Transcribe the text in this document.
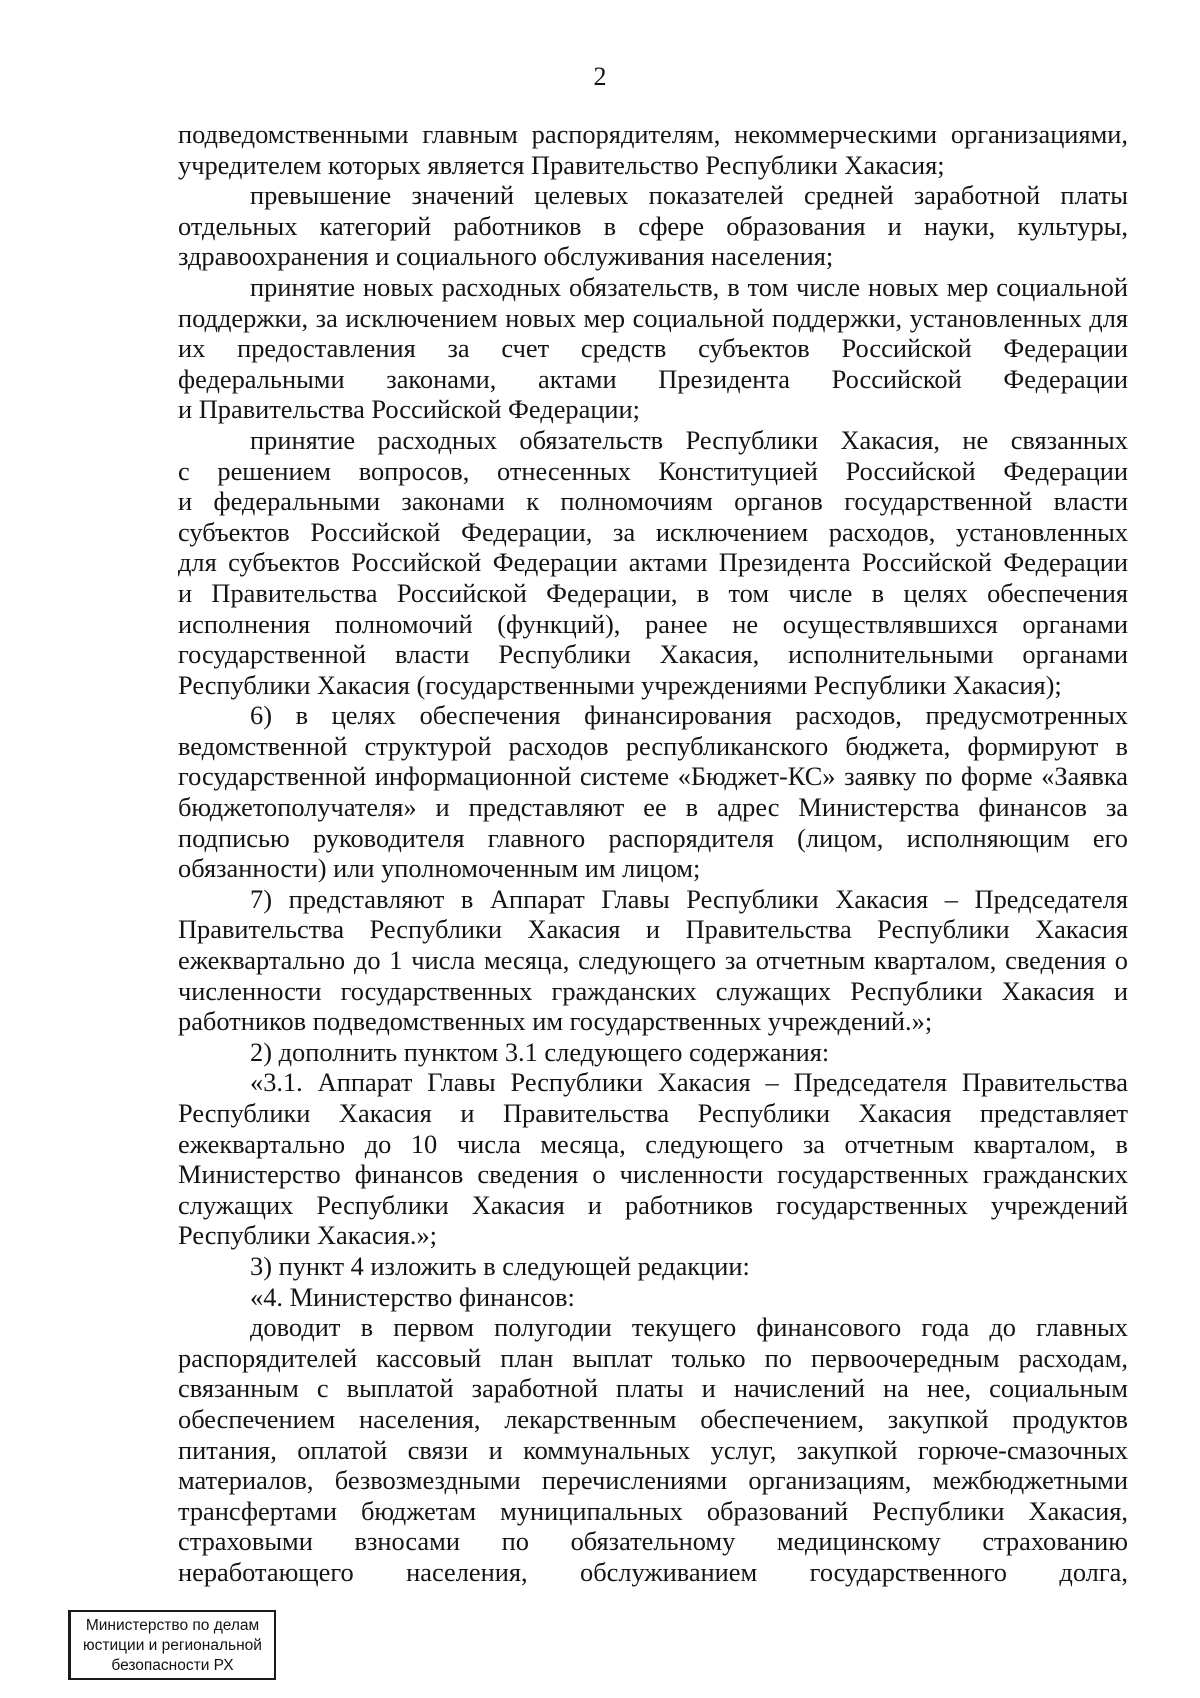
2
подведомственными главным распорядителям, некоммерческими организациями,
учредителем которых является Правительство Республики Хакасия;
превышение значений целевых показателей средней заработной платы
отдельных категорий работников в сфере образования и науки, культуры,
здравоохранения и социального обслуживания населения;
принятие новых расходных обязательств, в том числе новых мер социальной
поддержки, за исключением новых мер социальной поддержки, установленных для
их предоставления за счет средств субъектов Российской Федерации
федеральными законами, актами Президента Российской Федерации
и Правительства Российской Федерации;
принятие расходных обязательств Республики Хакасия, не связанных
с решением вопросов, отнесенных Конституцией Российской Федерации
и федеральными законами к полномочиям органов государственной власти
субъектов Российской Федерации, за исключением расходов, установленных
для субъектов Российской Федерации актами Президента Российской Федерации
и Правительства Российской Федерации, в том числе в целях обеспечения
исполнения полномочий (функций), ранее не осуществлявшихся органами
государственной власти Республики Хакасия, исполнительными органами
Республики Хакасия (государственными учреждениями Республики Хакасия);
6) в целях обеспечения финансирования расходов, предусмотренных
ведомственной структурой расходов республиканского бюджета, формируют в
государственной информационной системе «Бюджет-КС» заявку по форме «Заявка
бюджетополучателя» и представляют ее в адрес Министерства финансов за
подписью руководителя главного распорядителя (лицом, исполняющим его
обязанности) или уполномоченным им лицом;
7) представляют в Аппарат Главы Республики Хакасия – Председателя
Правительства Республики Хакасия и Правительства Республики Хакасия
ежеквартально до 1 числа месяца, следующего за отчетным кварталом, сведения о
численности государственных гражданских служащих Республики Хакасия и
работников подведомственных им государственных учреждений.»;
2) дополнить пунктом 3.1 следующего содержания:
«3.1. Аппарат Главы Республики Хакасия – Председателя Правительства
Республики Хакасия и Правительства Республики Хакасия представляет
ежеквартально до 10 числа месяца, следующего за отчетным кварталом, в
Министерство финансов сведения о численности государственных гражданских
служащих Республики Хакасия и работников государственных учреждений
Республики Хакасия.»;
3) пункт 4 изложить в следующей редакции:
«4. Министерство финансов:
доводит в первом полугодии текущего финансового года до главных
распорядителей кассовый план выплат только по первоочередным расходам,
связанным с выплатой заработной платы и начислений на нее, социальным
обеспечением населения, лекарственным обеспечением, закупкой продуктов
питания, оплатой связи и коммунальных услуг, закупкой горюче-смазочных
материалов, безвозмездными перечислениями организациям, межбюджетными
трансфертами бюджетам муниципальных образований Республики Хакасия,
страховыми взносами по обязательному медицинскому страхованию
неработающего населения, обслуживанием государственного долга,
Министерство по делам
юстиции и региональной
безопасности РХ
